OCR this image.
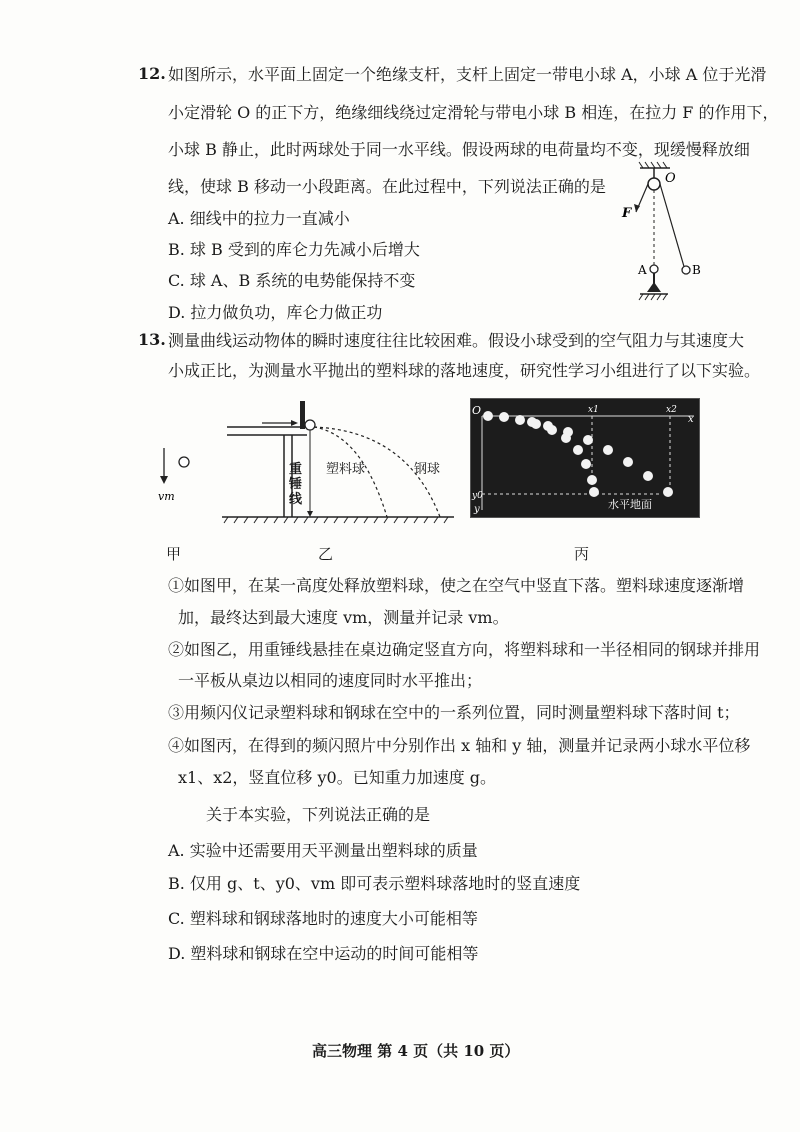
12. 如图所示，水平面上固定一个绝缘支杆，支杆上固定一带电小球 A，小球 A 位于光滑
小定滑轮 O 的正下方，绝缘细线绕过定滑轮与带电小球 B 相连，在拉力 F 的作用下，
小球 B 静止，此时两球处于同一水平线。假设两球的电荷量均不变，现缓慢释放细
线，使球 B 移动一小段距离。在此过程中，下列说法正确的是
A. 细线中的拉力一直减小
B. 球 B 受到的库仑力先减小后增大
C. 球 A、B 系统的电势能保持不变
D. 拉力做负功，库仑力做正功
O
F
A	B
13. 测量曲线运动物体的瞬时速度往往比较困难。假设小球受到的空气阻力与其速度大
小成正比，为测量水平抛出的塑料球的落地速度，研究性学习小组进行了以下实验。
vm
甲
重锤线
塑料球	钢球
乙
O	x1	x2
x
y0
y	水平地面
丙
①如图甲，在某一高度处释放塑料球，使之在空气中竖直下落。塑料球速度逐渐增
加，最终达到最大速度 vm，测量并记录 vm。
②如图乙，用重锤线悬挂在桌边确定竖直方向，将塑料球和一半径相同的钢球并排用
一平板从桌边以相同的速度同时水平推出；
③用频闪仪记录塑料球和钢球在空中的一系列位置，同时测量塑料球下落时间 t；
④如图丙，在得到的频闪照片中分别作出 x 轴和 y 轴，测量并记录两小球水平位移
x1、x2，竖直位移 y0。已知重力加速度 g。
关于本实验，下列说法正确的是
A. 实验中还需要用天平测量出塑料球的质量
B. 仅用 g、t、y0、vm 即可表示塑料球落地时的竖直速度
C. 塑料球和钢球落地时的速度大小可能相等
D. 塑料球和钢球在空中运动的时间可能相等
高三物理 第 4 页（共 10 页）
